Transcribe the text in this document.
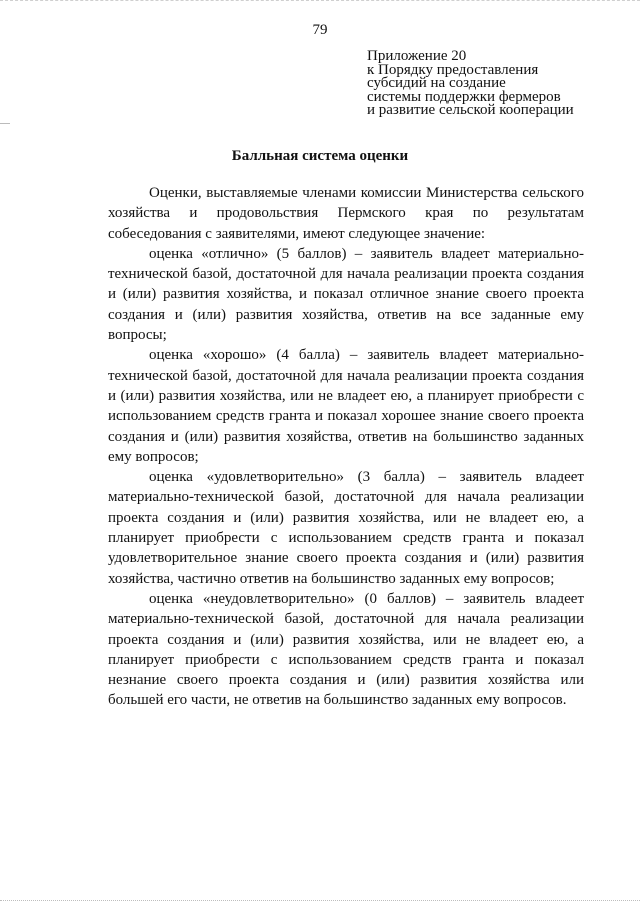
79
Приложение 20
к Порядку предоставления
субсидий на создание
системы поддержки фермеров
и развитие сельской кооперации
Балльная система оценки

Оценки, выставляемые членами комиссии Министерства сельского хозяйства и продовольствия Пермского края по результатам собеседования с заявителями, имеют следующее значение:

оценка «отлично» (5 баллов) – заявитель владеет материально-технической базой, достаточной для начала реализации проекта создания и (или) развития хозяйства, и показал отличное знание своего проекта создания и (или) развития хозяйства, ответив на все заданные ему вопросы;

оценка «хорошо» (4 балла) – заявитель владеет материально-технической базой, достаточной для начала реализации проекта создания и (или) развития хозяйства, или не владеет ею, а планирует приобрести с использованием средств гранта и показал хорошее знание своего проекта создания и (или) развития хозяйства, ответив на большинство заданных ему вопросов;

оценка «удовлетворительно» (3 балла) – заявитель владеет материально-технической базой, достаточной для начала реализации проекта создания и (или) развития хозяйства, или не владеет ею, а планирует приобрести с использованием средств гранта и показал удовлетворительное знание своего проекта создания и (или) развития хозяйства, частично ответив на большинство заданных ему вопросов;

оценка «неудовлетворительно» (0 баллов) – заявитель владеет материально-технической базой, достаточной для начала реализации проекта создания и (или) развития хозяйства, или не владеет ею, а планирует приобрести с использованием средств гранта и показал незнание своего проекта создания и (или) развития хозяйства или большей его части, не ответив на большинство заданных ему вопросов.
